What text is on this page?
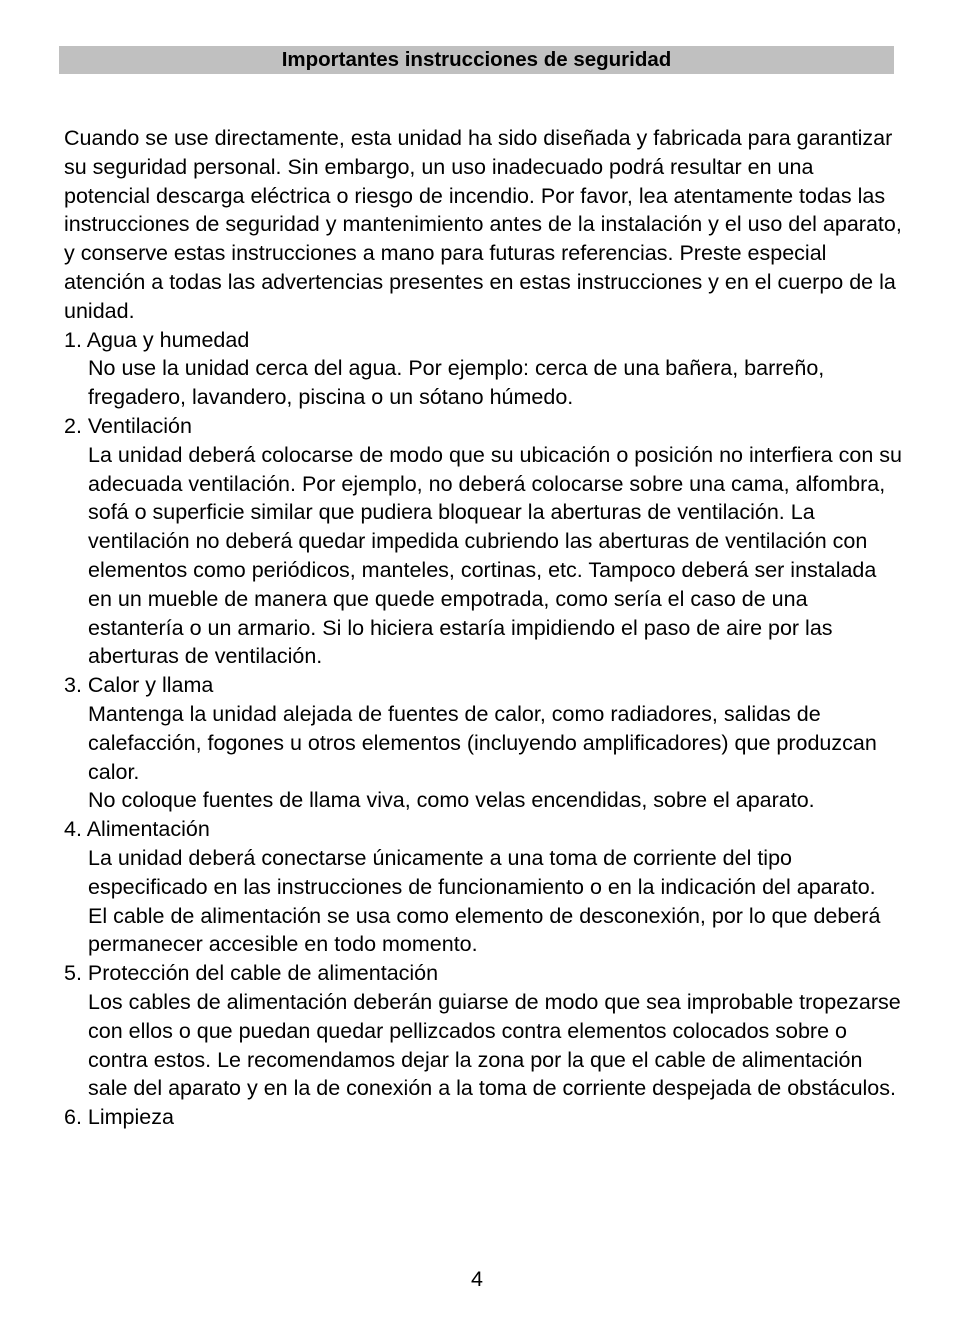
Importantes instrucciones de seguridad

Cuando se use directamente, esta unidad ha sido diseñada y fabricada para garantizar su seguridad personal. Sin embargo, un uso inadecuado podrá resultar en una potencial descarga eléctrica o riesgo de incendio. Por favor, lea atentamente todas las instrucciones de seguridad y mantenimiento antes de la instalación y el uso del aparato, y conserve estas instrucciones a mano para futuras referencias. Preste especial atención a todas las advertencias presentes en estas instrucciones y en el cuerpo de la unidad.

1. Agua y humedad

No use la unidad cerca del agua. Por ejemplo: cerca de una bañera, barreño, fregadero, lavandero, piscina o un sótano húmedo.

2. Ventilación

La unidad deberá colocarse de modo que su ubicación o posición no interfiera con su adecuada ventilación. Por ejemplo, no deberá colocarse sobre una cama, alfombra, sofá o superficie similar que pudiera bloquear la aberturas de ventilación. La ventilación no deberá quedar impedida cubriendo las aberturas de ventilación con elementos como periódicos, manteles, cortinas, etc. Tampoco deberá ser instalada en un mueble de manera que quede empotrada, como sería el caso de una estantería o un armario. Si lo hiciera estaría impidiendo el paso de aire por las aberturas de ventilación.

3. Calor y llama

Mantenga la unidad alejada de fuentes de calor, como radiadores, salidas de calefacción, fogones u otros elementos (incluyendo amplificadores) que produzcan calor.

No coloque fuentes de llama viva, como velas encendidas, sobre el aparato.

4. Alimentación

La unidad deberá conectarse únicamente a una toma de corriente del tipo especificado en las instrucciones de funcionamiento o en la indicación del aparato.

El cable de alimentación se usa como elemento de desconexión, por lo que deberá permanecer accesible en todo momento.

5. Protección del cable de alimentación

Los cables de alimentación deberán guiarse de modo que sea improbable tropezarse con ellos o que puedan quedar pellizcados contra elementos colocados sobre o contra estos. Le recomendamos dejar la zona por la que el cable de alimentación sale del aparato y en la de conexión a la toma de corriente despejada de obstáculos.

6. Limpieza

4
